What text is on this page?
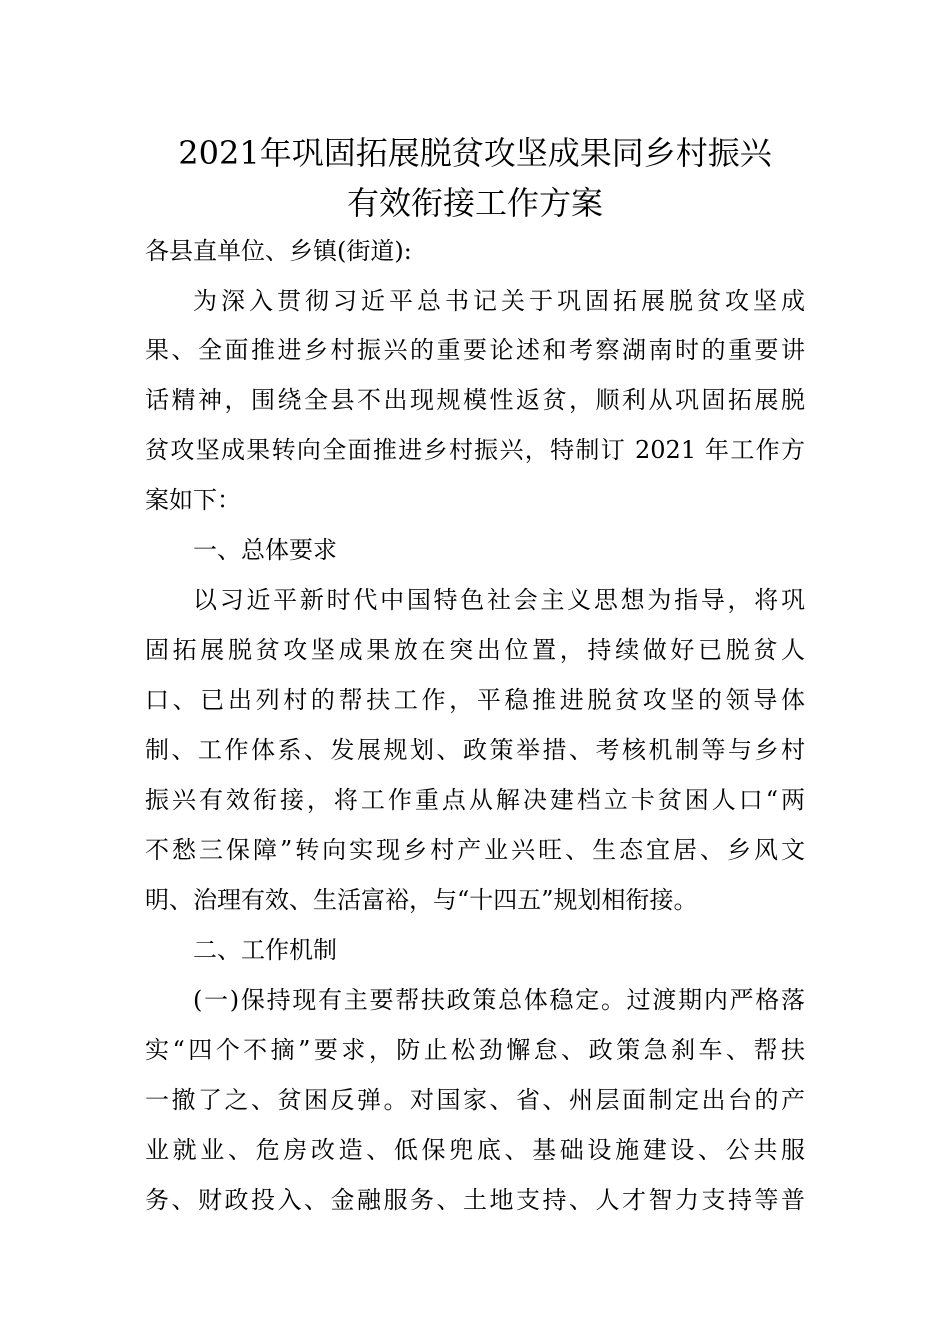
2021年巩固拓展脱贫攻坚成果同乡村振兴
有效衔接工作方案
各县直单位、乡镇(街道):
为深入贯彻习近平总书记关于巩固拓展脱贫攻坚成
果、全面推进乡村振兴的重要论述和考察湖南时的重要讲
话精神，围绕全县不出现规模性返贫，顺利从巩固拓展脱
贫攻坚成果转向全面推进乡村振兴，特制订 2021 年工作方
案如下：
一、总体要求
以习近平新时代中国特色社会主义思想为指导，将巩
固拓展脱贫攻坚成果放在突出位置，持续做好已脱贫人
口、已出列村的帮扶工作，平稳推进脱贫攻坚的领导体
制、工作体系、发展规划、政策举措、考核机制等与乡村
振兴有效衔接，将工作重点从解决建档立卡贫困人口“两
不愁三保障”转向实现乡村产业兴旺、生态宜居、乡风文
明、治理有效、生活富裕，与“十四五”规划相衔接。
二、工作机制
(一)保持现有主要帮扶政策总体稳定。过渡期内严格落
实“四个不摘”要求，防止松劲懈怠、政策急刹车、帮扶
一撤了之、贫困反弹。对国家、省、州层面制定出台的产
业就业、危房改造、低保兜底、基础设施建设、公共服
务、财政投入、金融服务、土地支持、人才智力支持等普
